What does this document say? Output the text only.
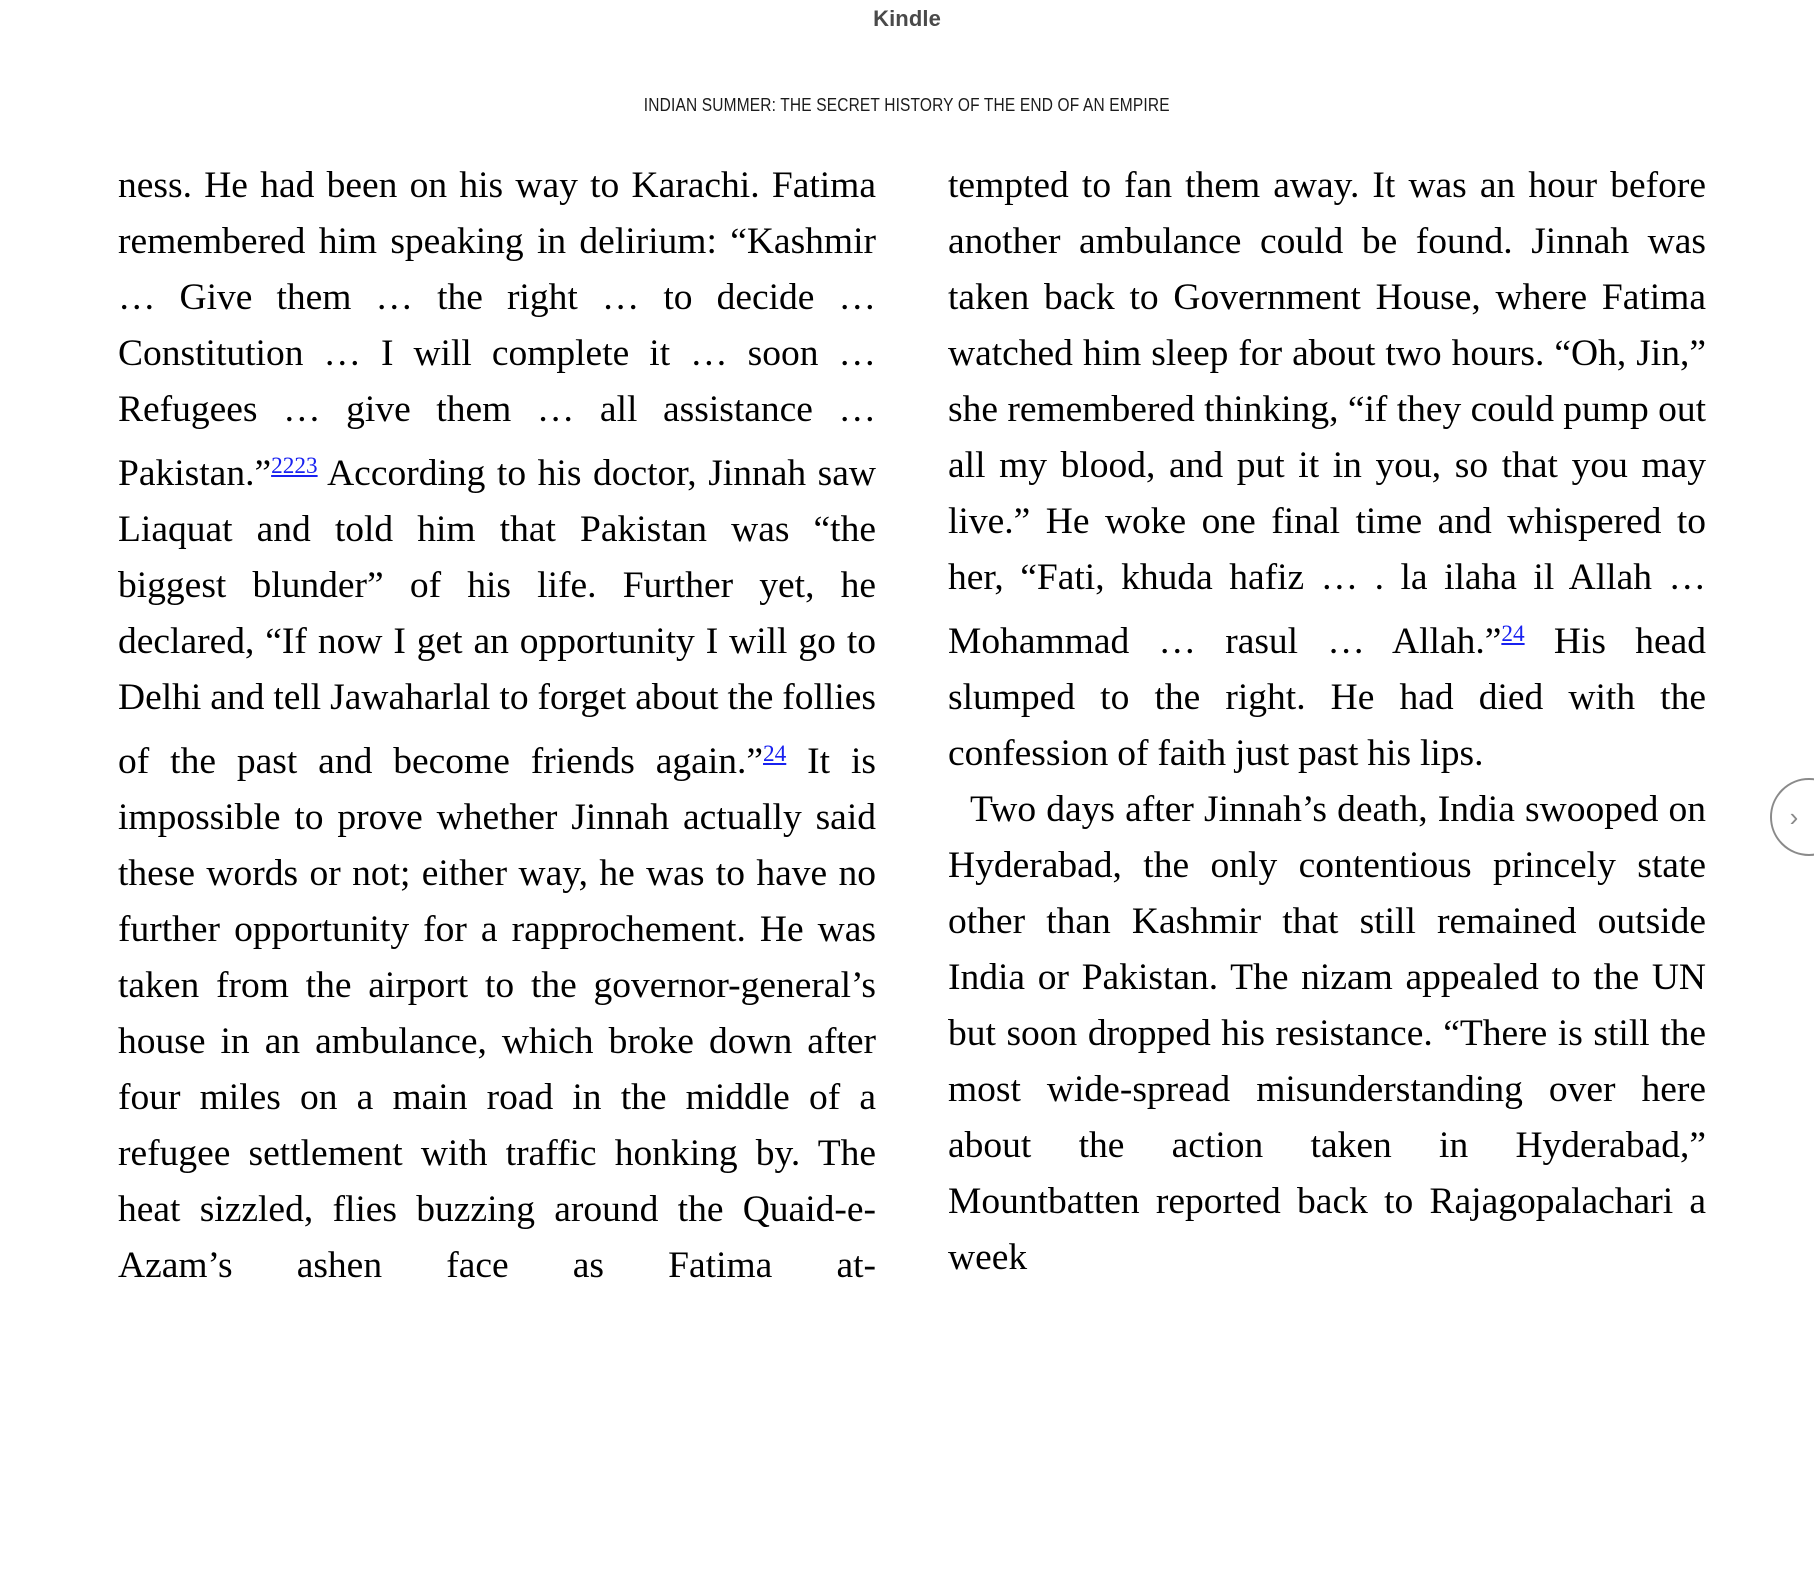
Kindle
INDIAN SUMMER: THE SECRET HISTORY OF THE END OF AN EMPIRE

ness. He had been on his way to Karachi. Fatima remembered him speaking in delirium: “Kashmir … Give them … the right … to decide … Constitution … I will complete it … soon … Refugees … give them … all assistance … Pakistan.”$^{2223}$ According to his doctor, Jinnah saw Liaquat and told him that Pakistan was “the biggest blunder” of his life. Further yet, he declared, “If now I get an opportunity I will go to Delhi and tell Jawaharlal to forget about the follies of the past and become friends again.”$^{24}$ It is impossible to prove whether Jinnah actually said these words or not; either way, he was to have no further opportunity for a rapprochement. He was taken from the airport to the governor-general’s house in an ambulance, which broke down after four miles on a main road in the middle of a refugee settlement with traffic honking by. The heat sizzled, flies buzzing around the Quaid-e-Azam’s ashen face as Fatima at-

tempted to fan them away. It was an hour before another ambulance could be found. Jinnah was taken back to Government House, where Fatima watched him sleep for about two hours. “Oh, Jin,” she remembered thinking, “if they could pump out all my blood, and put it in you, so that you may live.” He woke one final time and whispered to her, “Fati, khuda hafiz … . la ilaha il Allah … Mohammad … rasul … Allah.”$^{24}$ His head slumped to the right. He had died with the confession of faith just past his lips.

Two days after Jinnah’s death, India swooped on Hyderabad, the only contentious princely state other than Kashmir that still remained outside India or Pakistan. The nizam appealed to the UN but soon dropped his resistance. “There is still the most wide-spread misunderstanding over here about the action taken in Hyderabad,” Mountbatten reported back to Rajagopalachari a week

›
